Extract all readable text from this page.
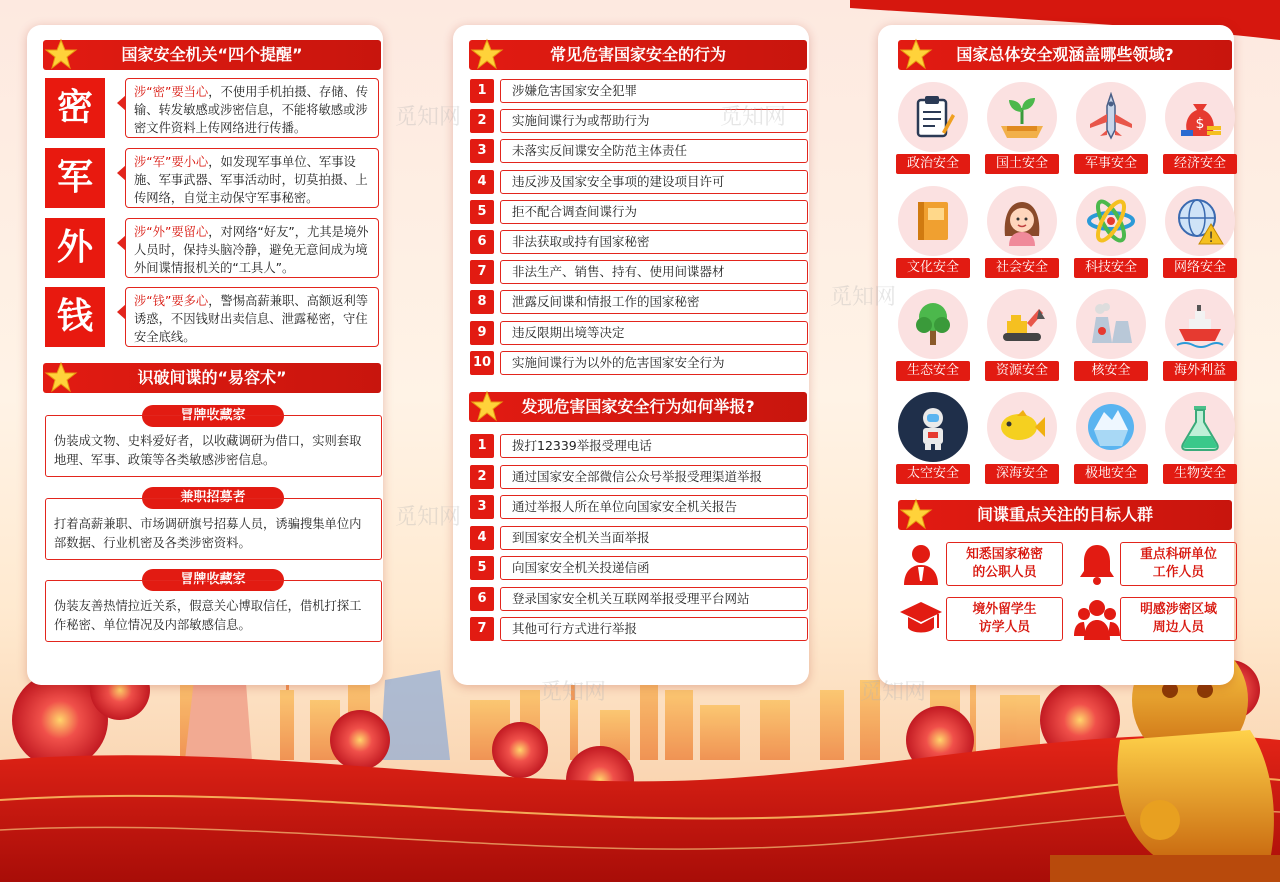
国家安全机关“四个提醒”
密	涉“密”要当心，不使用手机拍摄、存储、传输、转发敏感或涉密信息，不能将敏感或涉密文件资料上传网络进行传播。
军	涉“军”要小心，如发现军事单位、军事设施、军事武器、军事活动时，切莫拍摄、上传网络，自觉主动保守军事秘密。
外	涉“外”要留心，对网络“好友”，尤其是境外人员时，保持头脑冷静，避免无意间成为境外间谍情报机关的“工具人”。
钱	涉“钱”要多心，警惕高薪兼职、高额返利等诱惑，不因钱财出卖信息、泄露秘密，守住安全底线。
识破间谍的“易容术”
冒牌收藏家
伪装成文物、史料爱好者，以收藏调研为借口，实则套取地理、军事、政策等各类敏感涉密信息。
兼职招募者
打着高薪兼职、市场调研旗号招募人员，诱骗搜集单位内部数据、行业机密及各类涉密资料。
冒牌收藏家
伪装友善热情拉近关系，假意关心博取信任，借机打探工作秘密、单位情况及内部敏感信息。
常见危害国家安全的行为
1	涉嫌危害国家安全犯罪
2	实施间谍行为或帮助行为
3	未落实反间谍安全防范主体责任
4	违反涉及国家安全事项的建设项目许可
5	拒不配合调查间谍行为
6	非法获取或持有国家秘密
7	非法生产、销售、持有、使用间谍器材
8	泄露反间谍和情报工作的国家秘密
9	违反限期出境等决定
10	实施间谍行为以外的危害国家安全行为
发现危害国家安全行为如何举报?
1	拨打12339举报受理电话
2	通过国家安全部微信公众号举报受理渠道举报
3	通过举报人所在单位向国家安全机关报告
4	到国家安全机关当面举报
5	向国家安全机关投递信函
6	登录国家安全机关互联网举报受理平台网站
7	其他可行方式进行举报
国家总体安全观涵盖哪些领域?
政治安全	国土安全	军事安全
$
经济安全
文化安全	社会安全	科技安全
!
网络安全
生态安全	资源安全	核安全	海外利益
太空安全	深海安全	极地安全	生物安全
间谍重点关注的目标人群
知悉国家秘密
的公职人员
重点科研单位
工作人员
境外留学生
访学人员
明感涉密区域
周边人员
觅知网	觅知网
觅知网
觅知网
觅知网	觅知网
